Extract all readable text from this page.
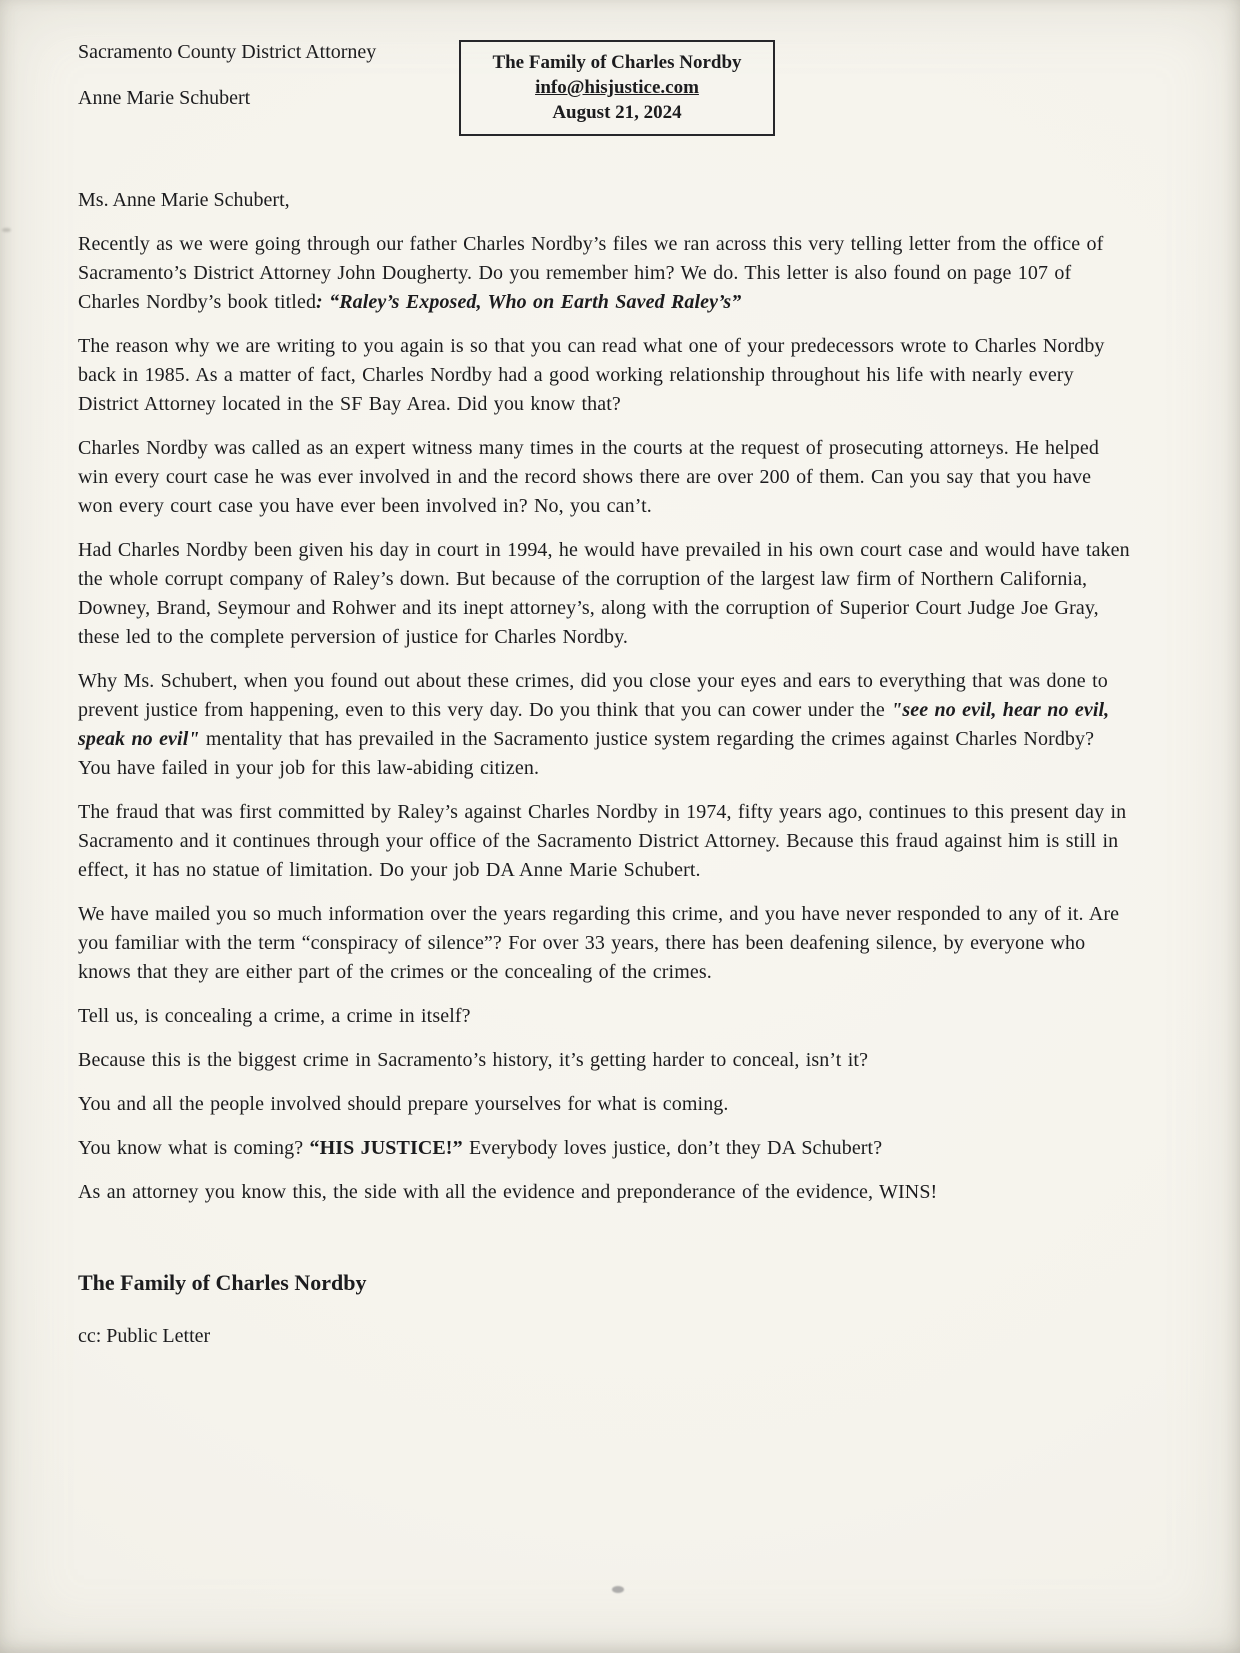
Sacramento County District Attorney

Anne Marie Schubert

The Family of Charles Nordby

info@hisjustice.com

August 21, 2024

Ms. Anne Marie Schubert,

Recently as we were going through our father Charles Nordby’s files we ran across this very telling letter from the office of Sacramento’s District Attorney John Dougherty. Do you remember him? We do. This letter is also found on page 107 of Charles Nordby’s book titled: “Raley’s Exposed, Who on Earth Saved Raley’s”

The reason why we are writing to you again is so that you can read what one of your predecessors wrote to Charles Nordby back in 1985. As a matter of fact, Charles Nordby had a good working relationship throughout his life with nearly every District Attorney located in the SF Bay Area. Did you know that?

Charles Nordby was called as an expert witness many times in the courts at the request of prosecuting attorneys. He helped win every court case he was ever involved in and the record shows there are over 200 of them. Can you say that you have won every court case you have ever been involved in? No, you can’t.

Had Charles Nordby been given his day in court in 1994, he would have prevailed in his own court case and would have taken the whole corrupt company of Raley’s down. But because of the corruption of the largest law firm of Northern California, Downey, Brand, Seymour and Rohwer and its inept attorney’s, along with the corruption of Superior Court Judge Joe Gray, these led to the complete perversion of justice for Charles Nordby.

Why Ms. Schubert, when you found out about these crimes, did you close your eyes and ears to everything that was done to prevent justice from happening, even to this very day. Do you think that you can cower under the "see no evil, hear no evil, speak no evil" mentality that has prevailed in the Sacramento justice system regarding the crimes against Charles Nordby? You have failed in your job for this law-abiding citizen.

The fraud that was first committed by Raley’s against Charles Nordby in 1974, fifty years ago, continues to this present day in Sacramento and it continues through your office of the Sacramento District Attorney. Because this fraud against him is still in effect, it has no statue of limitation. Do your job DA Anne Marie Schubert.

We have mailed you so much information over the years regarding this crime, and you have never responded to any of it. Are you familiar with the term “conspiracy of silence”? For over 33 years, there has been deafening silence, by everyone who knows that they are either part of the crimes or the concealing of the crimes.

Tell us, is concealing a crime, a crime in itself?

Because this is the biggest crime in Sacramento’s history, it’s getting harder to conceal, isn’t it?

You and all the people involved should prepare yourselves for what is coming.

You know what is coming? “HIS JUSTICE!” Everybody loves justice, don’t they DA Schubert?

As an attorney you know this, the side with all the evidence and preponderance of the evidence, WINS!

The Family of Charles Nordby

cc: Public Letter
